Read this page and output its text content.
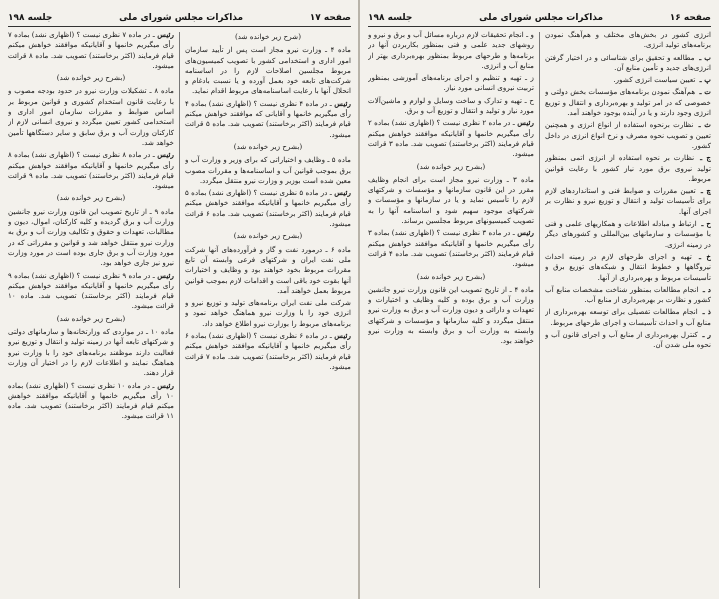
صفحه ۱۷
مذاکرات مجلس شورای ملی
جلسه ۱۹۸
(شرح زیر خوانده شد)
ماده ۴ ـ وزارت نیرو مجاز است پس از تأیید سازمان امور اداری و استخدامی کشور با تصویب کمیسیون‌های مربوط مجلسین اصلاحات لازم را در اساسنامه شرکت‌های تابعه خود بعمل آورده و یا نسبت بادغام و انحلال آنها با رعایت اساسنامه‌های مربوط اقدام نماید.
رئیس ـ در ماده ۴ نظری نیست ؟ (اظهاری نشد) بماده ۴ رأی میگیریم خانمها و آقایانی که موافقند خواهش میکنم قیام فرمایند (اکثر برخاستند) تصویب شد. ماده ۵ قرائت میشود.
(بشرح زیر خوانده شد)
ماده ۵ ـ وظایف و اختیاراتی که برای وزیر و وزارت آب و برق بموجب قوانین آب و اساسنامه‌ها و مقررات مصوب معین شده است بوزیر و وزارت نیرو منتقل میگردد.
رئیس ـ در ماده ۵ نظری نیست ؟ (اظهاری نشد) بماده ۵ رأی میگیریم خانمها و آقایانیکه موافقند خواهش میکنم قیام فرمایند (اکثر برخاستند) تصویب شد. ماده ۶ قرائت میشود.
(بشرح زیر خوانده شد)
ماده ۶ ـ درمورد نفت و گاز و فرآورده‌های آنها شرکت ملی نفت ایران و شرکتهای فرعی وابسته آن تابع مقررات مربوط بخود خواهند بود و وظایف و اختیارات آنها بقوت خود باقی است و اقدامات لازم بموجب قوانین مربوط بعمل خواهند آمد.
شرکت ملی نفت ایران برنامه‌های تولید و توزیع نیرو و انرژی خود را با وزارت نیرو هماهنگ خواهد نمود و برنامه‌های مربوط را بوزارت نیرو اطلاع خواهد داد.
رئیس ـ در ماده ۶ نظری نیست ؟ (اظهاری نشد) بماده ۶ رأی میگیریم خانمها و آقایانیکه موافقند خواهش میکنم قیام فرمایند (اکثر برخاستند) تصویب شد. ماده ۷ قرائت میشود.
رئیس ـ در ماده ۷ نظری نیست ؟ (اظهاری نشد) بماده ۷ رأی میگیریم خانمها و آقایانیکه موافقند خواهش میکنم قیام فرمایند (اکثر برخاستند) تصویب شد. ماده ۸ قرائت میشود.
(بشرح زیر خوانده شد)
ماده ۸ ـ تشکیلات وزارت نیرو در حدود بودجه مصوب و با رعایت قانون استخدام کشوری و قوانین مربوط بر اساس ضوابط و مقررات سازمان امور اداری و استخدامی کشور تعیین میگردد و نیروی انسانی لازم از کارکنان وزارت آب و برق سابق و سایر دستگاهها تأمین خواهد شد.
رئیس ـ در ماده ۸ نظری نیست ؟ (اظهاری نشد) بماده ۸ رأی میگیریم خانمها و آقایانیکه موافقند خواهش میکنم قیام فرمایند (اکثر برخاستند) تصویب شد. ماده ۹ قرائت میشود.
(بشرح زیر خوانده شد)
ماده ۹ ـ از تاریخ تصویب این قانون وزارت نیرو جانشین وزارت آب و برق گردیده و کلیه کارکنان، اموال، دیون و مطالبات، تعهدات و حقوق و تکالیف وزارت آب و برق به وزارت نیرو منتقل خواهد شد و قوانین و مقرراتی که در مورد وزارت آب و برق جاری بوده است در مورد وزارت نیرو نیز جاری خواهد بود.
رئیس ـ در ماده ۹ نظری نیست ؟ (اظهاری نشد) بماده ۹ رأی میگیریم خانمها و آقایانیکه موافقند خواهش میکنم قیام فرمایند (اکثر برخاستند) تصویب شد. ماده ۱۰ قرائت میشود.
(بشرح زیر خوانده شد)
ماده ۱۰ ـ در مواردی که وزارتخانه‌ها و سازمانهای دولتی و شرکتهای تابعه آنها در زمینه تولید و انتقال و توزیع نیرو فعالیت دارند موظفند برنامه‌های خود را با وزارت نیرو هماهنگ نمایند و اطلاعات لازم را در اختیار آن وزارت قرار دهند.
رئیس ـ در ماده ۱۰ نظری نیست ؟ (اظهاری نشد) بماده ۱۰ رأی میگیریم خانمها و آقایانیکه موافقند خواهش میکنم قیام فرمایند (اکثر برخاستند) تصویب شد. ماده ۱۱ قرائت میشود.
صفحه ۱۶
مذاکرات مجلس شورای ملی
جلسه ۱۹۸
انرژی کشور در بخش‌های مختلف و هم‌آهنگ نمودن برنامه‌های تولید انرژی.
ب ـ مطالعه و تحقیق برای شناسائی و در اختیار گرفتن انرژی‌های جدید و تأمین منابع آن.
پ ـ تعیین سیاست انرژی کشور.
ت ـ هم‌آهنگ نمودن برنامه‌های مؤسسات بخش دولتی و خصوصی که در امر تولید و بهره‌برداری و انتقال و توزیع انرژی وجود دارند و یا در آینده بوجود خواهند آمد.
ث ـ نظارت برنحوه استفاده از انواع انرژی و همچنین تعیین و تصویب نحوه مصرف و نرخ انواع انرژی در داخل کشور.
ج ـ نظارت بر نحوه استفاده از انرژی اتمی بمنظور تولید نیروی برق مورد نیاز کشور با رعایت قوانین مربوط.
چ ـ تعیین مقررات و ضوابط فنی و استانداردهای لازم برای تأسیسات تولید و انتقال و توزیع نیرو و نظارت بر اجرای آنها.
ح ـ ارتباط و مبادله اطلاعات و همکاریهای علمی و فنی با مؤسسات و سازمانهای بین‌المللی و کشورهای دیگر در زمینه انرژی.
خ ـ تهیه و اجرای طرحهای لازم در زمینه احداث نیروگاهها و خطوط انتقال و شبکه‌های توزیع برق و تأسیسات مربوط و بهره‌برداری از آنها.
د ـ انجام مطالعات بمنظور شناخت مشخصات منابع آب کشور و نظارت بر بهره‌برداری از منابع آب.
ذ ـ انجام مطالعات تفصیلی برای توسعه بهره‌برداری از منابع آب و احداث تأسیسات و اجرای طرحهای مربوط.
ر ـ کنترل بهره‌برداری از منابع آب و اجرای قانون آب و نحوه ملی شدن آن.
و ـ انجام تحقیقات لازم درباره مسائل آب و برق و نیرو و روشهای جدید علمی و فنی بمنظور بکاربردن آنها در برنامه‌ها و طرحهای مربوط بمنظور بهره‌برداری بهتر از منابع آب و انرژی.
ز ـ تهیه و تنظیم و اجرای برنامه‌های آموزشی بمنظور تربیت نیروی انسانی مورد نیاز.
ح ـ تهیه و تدارک و ساخت وسایل و لوازم و ماشین‌آلات مورد نیاز و تولید و انتقال و توزیع آب و برق.
رئیس ـ در ماده ۲ نظری نیست ؟ (اظهاری نشد) بماده ۲ رأی میگیریم خانمها و آقایانیکه موافقند خواهش میکنم قیام فرمایند (اکثر برخاستند) تصویب شد. ماده ۳ قرائت میشود.
(بشرح زیر خوانده شد)
ماده ۳ ـ وزارت نیرو مجاز است برای انجام وظایف مقرر در این قانون سازمانها و مؤسسات و شرکتهای لازم را تأسیس نماید و یا در سازمانها و مؤسسات و شرکتهای موجود سهیم شود و اساسنامه آنها را به تصویب کمیسیونهای مربوط مجلسین برساند.
رئیس ـ در ماده ۳ نظری نیست ؟ (اظهاری نشد) بماده ۳ رأی میگیریم خانمها و آقایانیکه موافقند خواهش میکنم قیام فرمایند (اکثر برخاستند) تصویب شد. ماده ۴ قرائت میشود.
(بشرح زیر خوانده شد)
ماده ۴ ـ از تاریخ تصویب این قانون وزارت نیرو جانشین وزارت آب و برق بوده و کلیه وظایف و اختیارات و تعهدات و دارائی و دیون وزارت آب و برق به وزارت نیرو منتقل میگردد و کلیه سازمانها و مؤسسات و شرکتهای وابسته به وزارت آب و برق وابسته به وزارت نیرو خواهند بود.
